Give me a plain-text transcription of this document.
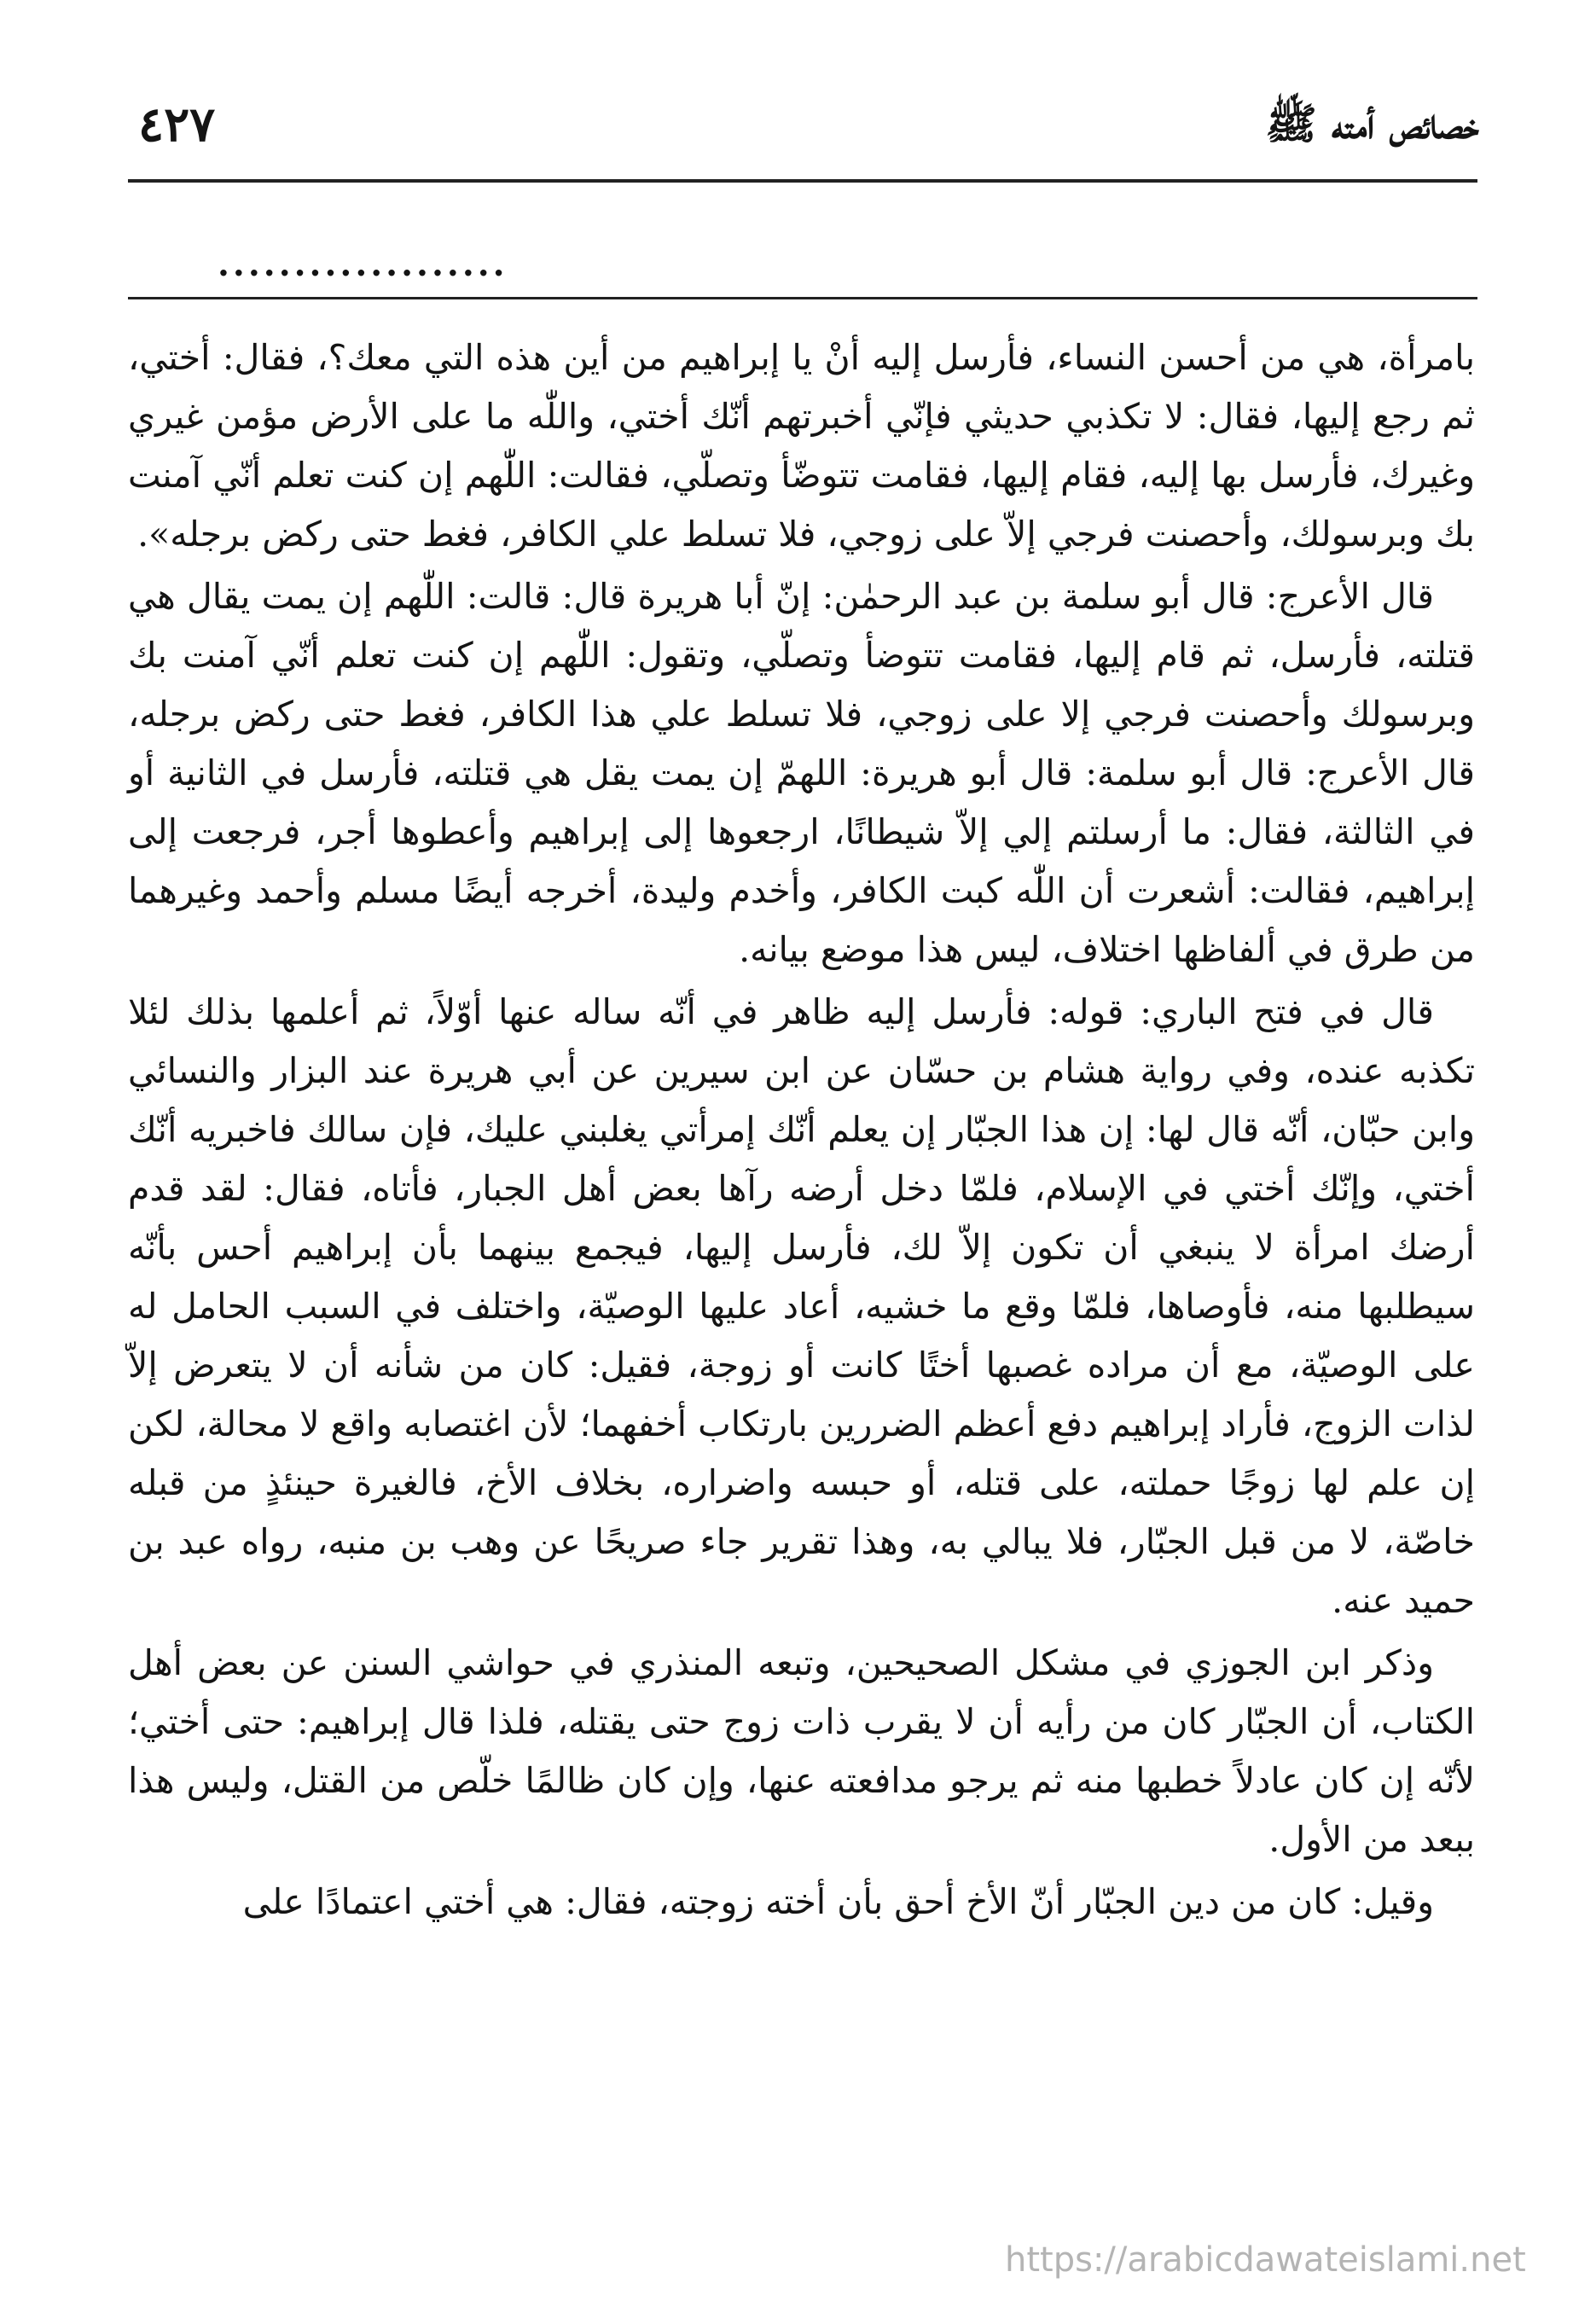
خصائص أمته ﷺ
٤٢٧
...................

بامرأة، هي من أحسن النساء، فأرسل إليه أنْ يا إبراهيم من أين هذه التي معك؟، فقال: أختي، ثم رجع إليها، فقال: لا تكذبي حديثي فإنّي أخبرتهم أنّك أختي، واللّٰه ما على الأرض مؤمن غيري وغيرك، فأرسل بها إليه، فقام إليها، فقامت تتوضّأ وتصلّي، فقالت: اللّٰهم إن كنت تعلم أنّي آمنت بك وبرسولك، وأحصنت فرجي إلاّ على زوجي، فلا تسلط علي الكافر، فغط حتى ركض برجله».

قال الأعرج: قال أبو سلمة بن عبد الرحمٰن: إنّ أبا هريرة قال: قالت: اللّٰهم إن يمت يقال هي قتلته، فأرسل، ثم قام إليها، فقامت تتوضأ وتصلّي، وتقول: اللّٰهم إن كنت تعلم أنّي آمنت بك وبرسولك وأحصنت فرجي إلا على زوجي، فلا تسلط علي هذا الكافر، فغط حتى ركض برجله، قال الأعرج: قال أبو سلمة: قال أبو هريرة: اللهمّ إن يمت يقل هي قتلته، فأرسل في الثانية أو في الثالثة، فقال: ما أرسلتم إلي إلاّ شيطانًا، ارجعوها إلى إبراهيم وأعطوها أجر، فرجعت إلى إبراهيم، فقالت: أشعرت أن اللّٰه كبت الكافر، وأخدم وليدة، أخرجه أيضًا مسلم وأحمد وغيرهما من طرق في ألفاظها اختلاف، ليس هذا موضع بيانه.

قال في فتح الباري: قوله: فأرسل إليه ظاهر في أنّه ساله عنها أوّلاً، ثم أعلمها بذلك لئلا تكذبه عنده، وفي رواية هشام بن حسّان عن ابن سيرين عن أبي هريرة عند البزار والنسائي وابن حبّان، أنّه قال لها: إن هذا الجبّار إن يعلم أنّك إمرأتي يغلبني عليك، فإن سالك فاخبريه أنّك أختي، وإنّك أختي في الإسلام، فلمّا دخل أرضه رآها بعض أهل الجبار، فأتاه، فقال: لقد قدم أرضك امرأة لا ينبغي أن تكون إلاّ لك، فأرسل إليها، فيجمع بينهما بأن إبراهيم أحس بأنّه سيطلبها منه، فأوصاها، فلمّا وقع ما خشيه، أعاد عليها الوصيّة، واختلف في السبب الحامل له على الوصيّة، مع أن مراده غصبها أختًا كانت أو زوجة، فقيل: كان من شأنه أن لا يتعرض إلاّ لذات الزوج، فأراد إبراهيم دفع أعظم الضررين بارتكاب أخفهما؛ لأن اغتصابه واقع لا محالة، لكن إن علم لها زوجًا حملته، على قتله، أو حبسه واضراره، بخلاف الأخ، فالغيرة حينئذٍ من قبله خاصّة، لا من قبل الجبّار، فلا يبالي به، وهذا تقرير جاء صريحًا عن وهب بن منبه، رواه عبد بن حميد عنه.

وذكر ابن الجوزي في مشكل الصحيحين، وتبعه المنذري في حواشي السنن عن بعض أهل الكتاب، أن الجبّار كان من رأيه أن لا يقرب ذات زوج حتى يقتله، فلذا قال إبراهيم: حتى أختي؛ لأنّه إن كان عادلاً خطبها منه ثم يرجو مدافعته عنها، وإن كان ظالمًا خلّص من القتل، وليس هذا ببعد من الأول.

وقيل: كان من دين الجبّار أنّ الأخ أحق بأن أخته زوجته، فقال: هي أختي اعتمادًا على

https://arabicdawateislami.net
